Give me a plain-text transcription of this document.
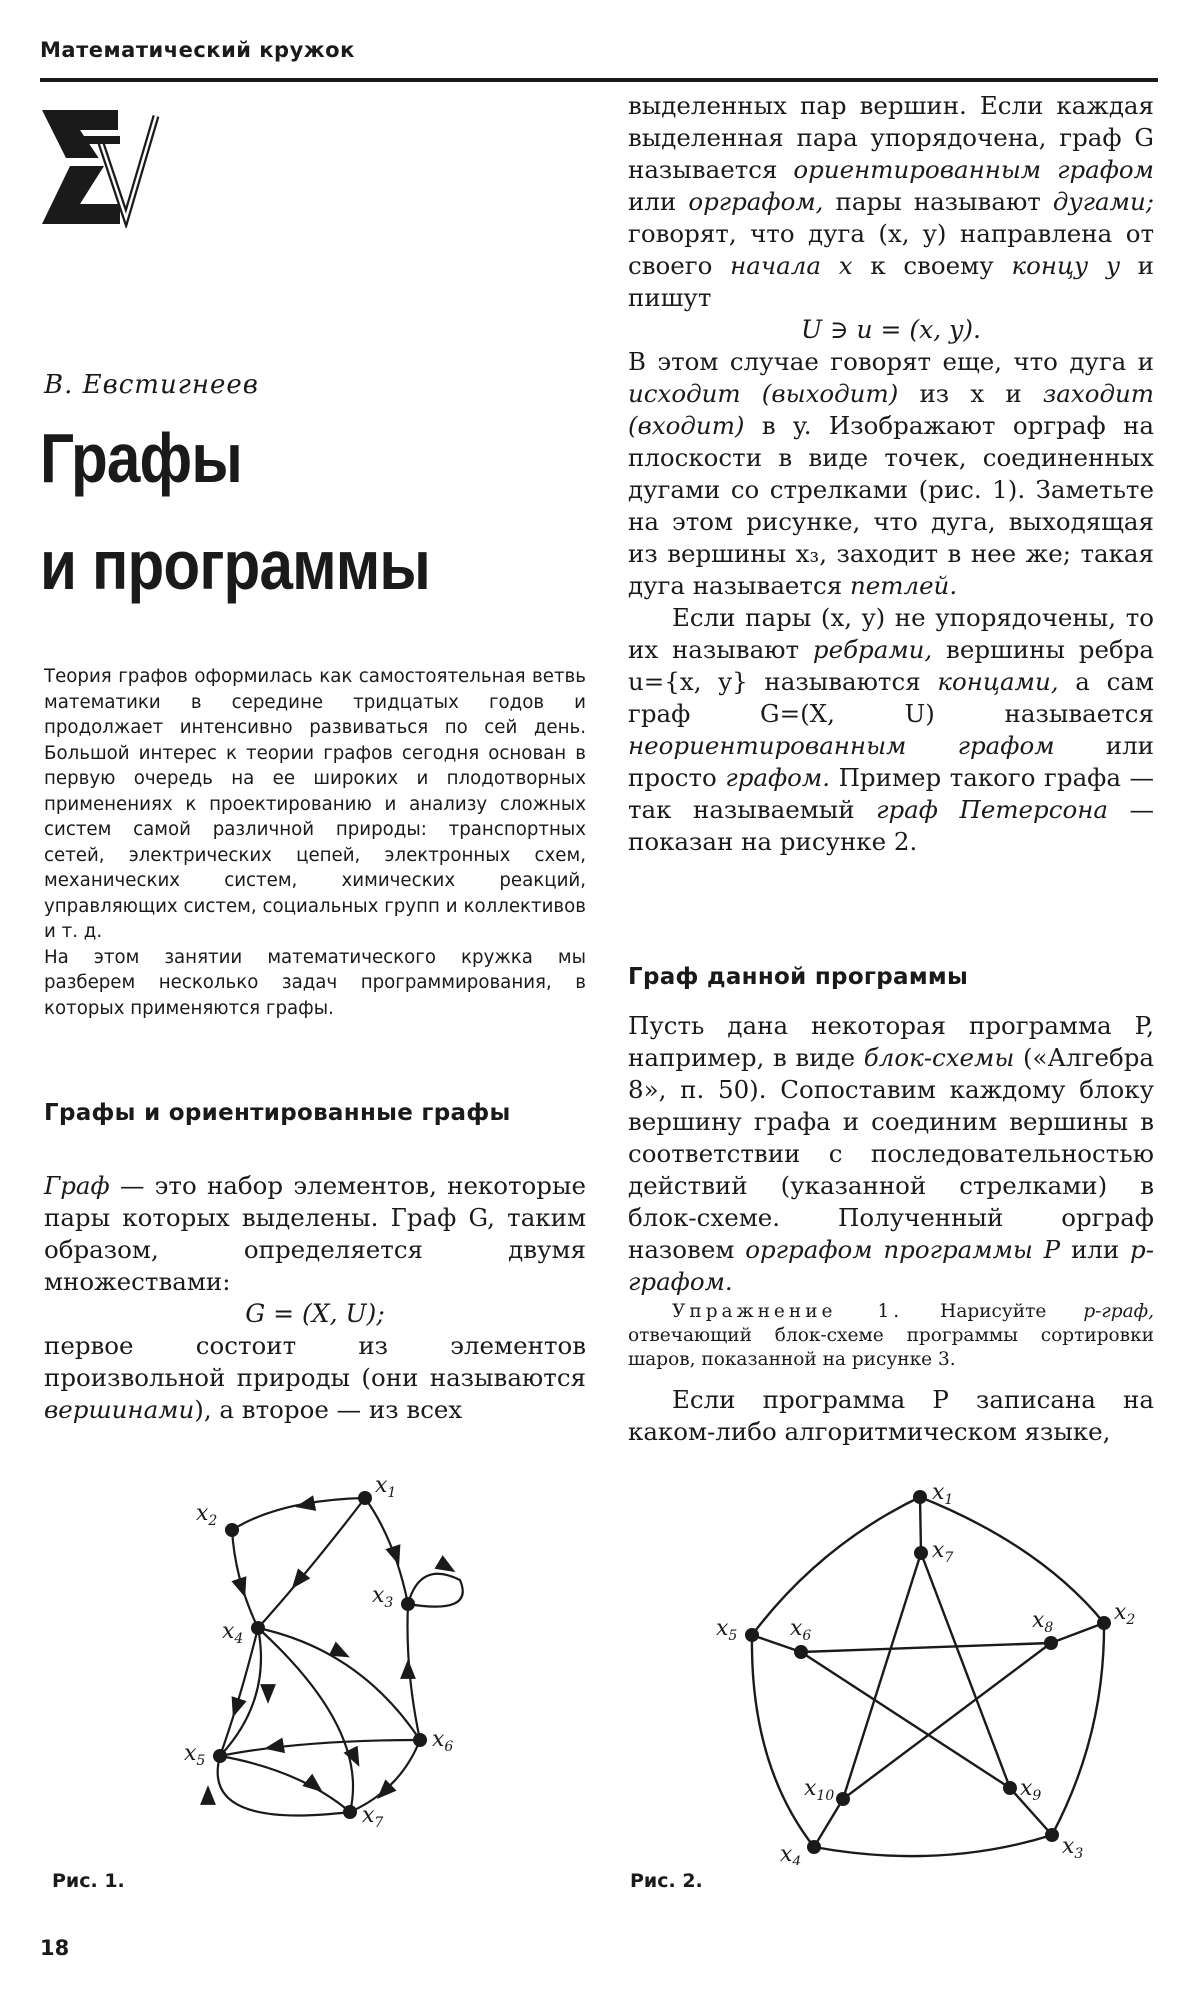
Математический кружок
В. Евстигнеев
Графы
и программы

Теория графов оформилась как самостоятельная ветвь математики в середине тридцатых годов и продолжает интенсивно развиваться по сей день. Большой интерес к теории графов сегодня основан в первую очередь на ее широких и плодотворных применениях к проектированию и анализу сложных систем самой различной природы: транспортных сетей, электрических цепей, электронных схем, механических систем, химических реакций, управляющих систем, социальных групп и коллективов и т. д.

На этом занятии математического кружка мы разберем несколько задач программирования, в которых применяются графы.

Графы и ориентированные графы

Граф — это набор элементов, некоторые пары которых выделены. Граф G, таким образом, определяется двумя множествами:

G = (X, U);

первое состоит из элементов произвольной природы (они называются вершинами), а второе — из всех

выделенных пар вершин. Если каждая выделенная пара упорядочена, граф G называется ориентированным графом или орграфом, пары называют дугами; говорят, что дуга (x, y) направлена от своего начала x к своему концу y и пишут

U ∋ u = (x, y).

В этом случае говорят еще, что дуга и исходит (выходит) из x и заходит (входит) в y. Изображают орграф на плоскости в виде точек, соединенных дугами со стрелками (рис. 1). Заметьте на этом рисунке, что дуга, выходящая из вершины x₃, заходит в нее же; такая дуга называется петлей.

Если пары (x, y) не упорядочены, то их называют ребрами, вершины ребра u={x, y} называются концами, а сам граф G=(X, U) называется неориентированным графом или просто графом. Пример такого графа — так называемый граф Петерсона — показан на рисунке 2.

Граф данной программы

Пусть дана некоторая программа P, например, в виде блок-схемы («Алгебра 8», п. 50). Сопоставим каждому блоку вершину графа и соединим вершины в соответствии с последовательностью действий (указанной стрелками) в блок-схеме. Полученный орграф назовем орграфом программы P или p-графом.

Упражнение 1. Нарисуйте p-граф, отвечающий блок-схеме программы сортировки шаров, показанной на рисунке 3.

Если программа P записана на каком-либо алгоритмическом языке,

$x_1$
$x_2$
$x_3$
$x_4$
$x_5$
$x_6$
$x_7$
Рис. 1.
$x_1$
$x_2$
$x_3$
$x_4$
$x_5$ $x_6$
$x_7$
$x_8$
$x_9$
$x_{10}$
Рис. 2.
18
